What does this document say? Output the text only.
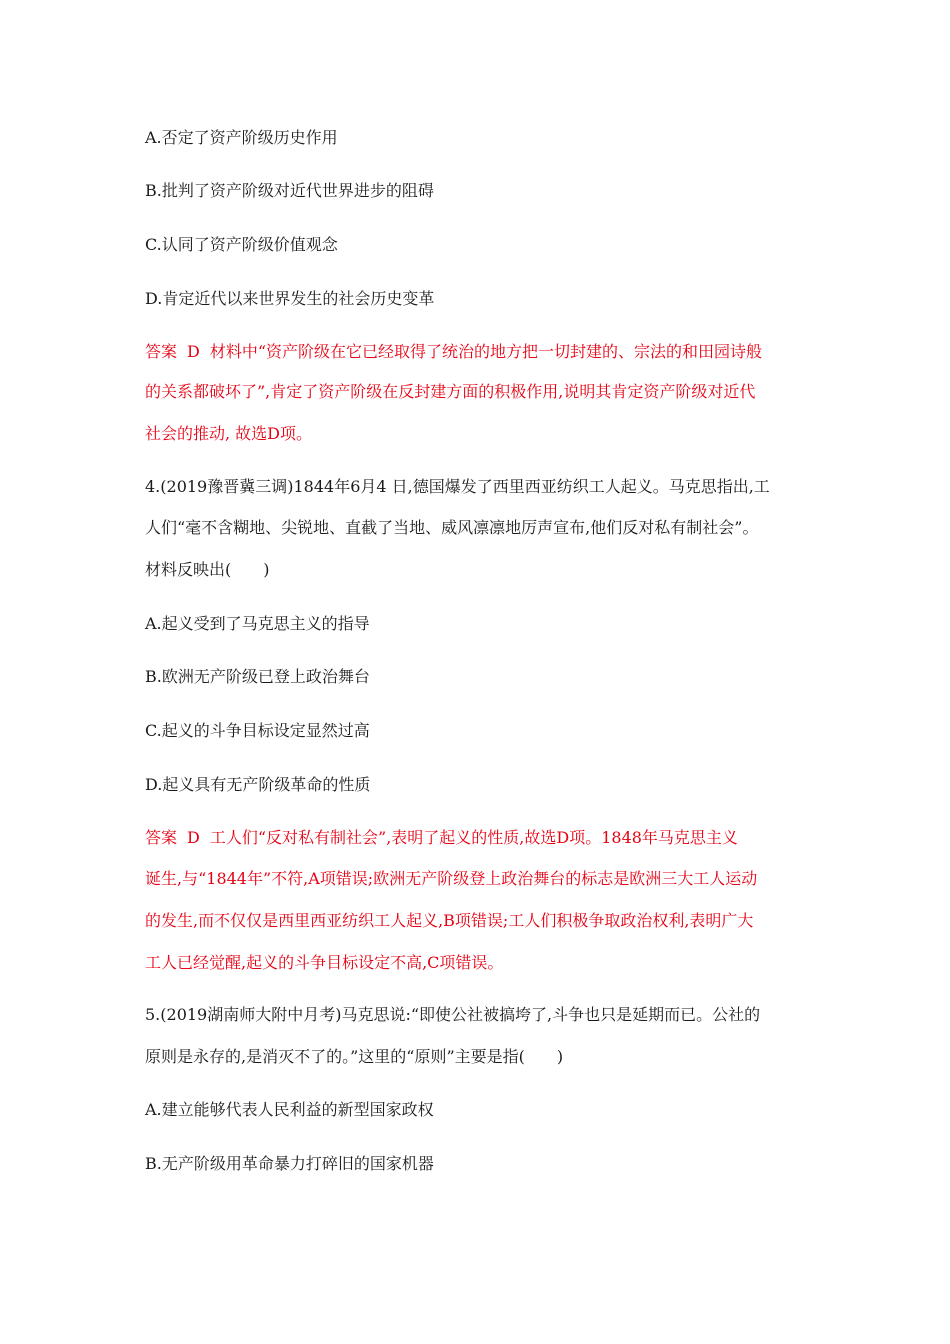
A.否定了资产阶级历史作用
B.批判了资产阶级对近代世界进步的阻碍
C.认同了资产阶级价值观念
D.肯定近代以来世界发生的社会历史变革
答案 D 材料中“资产阶级在它已经取得了统治的地方把一切封建的、宗法的和田园诗般
的关系都破坏了”,肯定了资产阶级在反封建方面的积极作用,说明其肯定资产阶级对近代
社会的推动, 故选D项。
4.(2019豫晋冀三调)1844年6月4 日,德国爆发了西里西亚纺织工人起义。马克思指出,工
人们“毫不含糊地、尖锐地、直截了当地、威风凛凛地厉声宣布,他们反对私有制社会”。
材料反映出(　　)
A.起义受到了马克思主义的指导
B.欧洲无产阶级已登上政治舞台
C.起义的斗争目标设定显然过高
D.起义具有无产阶级革命的性质
答案 D 工人们“反对私有制社会”,表明了起义的性质,故选D项。1848年马克思主义
诞生,与“1844年”不符,A项错误;欧洲无产阶级登上政治舞台的标志是欧洲三大工人运动
的发生,而不仅仅是西里西亚纺织工人起义,B项错误;工人们积极争取政治权利,表明广大
工人已经觉醒,起义的斗争目标设定不高,C项错误。
5.(2019湖南师大附中月考)马克思说:“即使公社被搞垮了,斗争也只是延期而已。公社的
原则是永存的,是消灭不了的。”这里的“原则”主要是指(　　)
A.建立能够代表人民利益的新型国家政权
B.无产阶级用革命暴力打碎旧的国家机器
